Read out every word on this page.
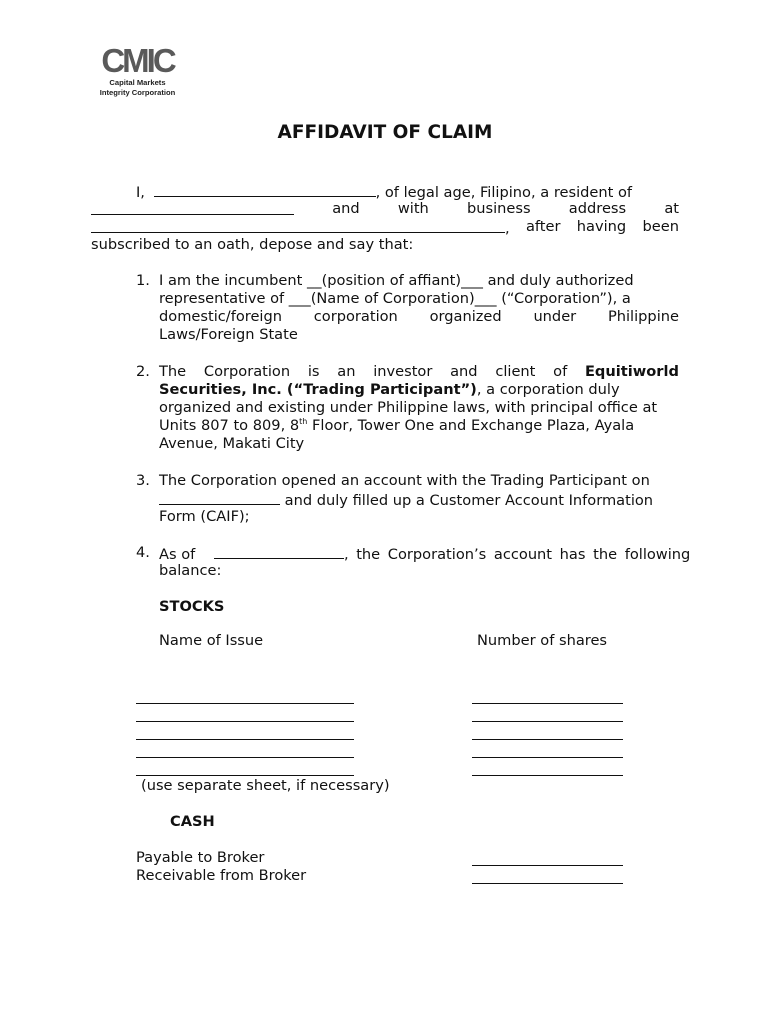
CMIC
Capital Markets
Integrity Corporation
AFFIDAVIT OF CLAIM
I,	, of legal age, Filipino, a resident of
and	with	business	address	at
, after having been
subscribed to an oath, depose and say that:
1. I am the incumbent __(position of affiant)___ and duly authorized
representative of ___(Name of Corporation)___ (“Corporation”), a
domestic/foreign corporation organized under Philippine
Laws/Foreign State
2. The Corporation is an investor and client of Equitiworld
Securities, Inc. (“Trading Participant”), a corporation duly
organized and existing under Philippine laws, with principal office at
Units 807 to 809, 8th Floor, Tower One and Exchange Plaza, Ayala
Avenue, Makati City
3. The Corporation opened an account with the Trading Participant on
and duly filled up a Customer Account Information
Form (CAIF);
4. As of	, the Corporation’s account has the following
balance:
STOCKS
Name of Issue	Number of shares
(use separate sheet, if necessary)
CASH
Payable to Broker
Receivable from Broker
